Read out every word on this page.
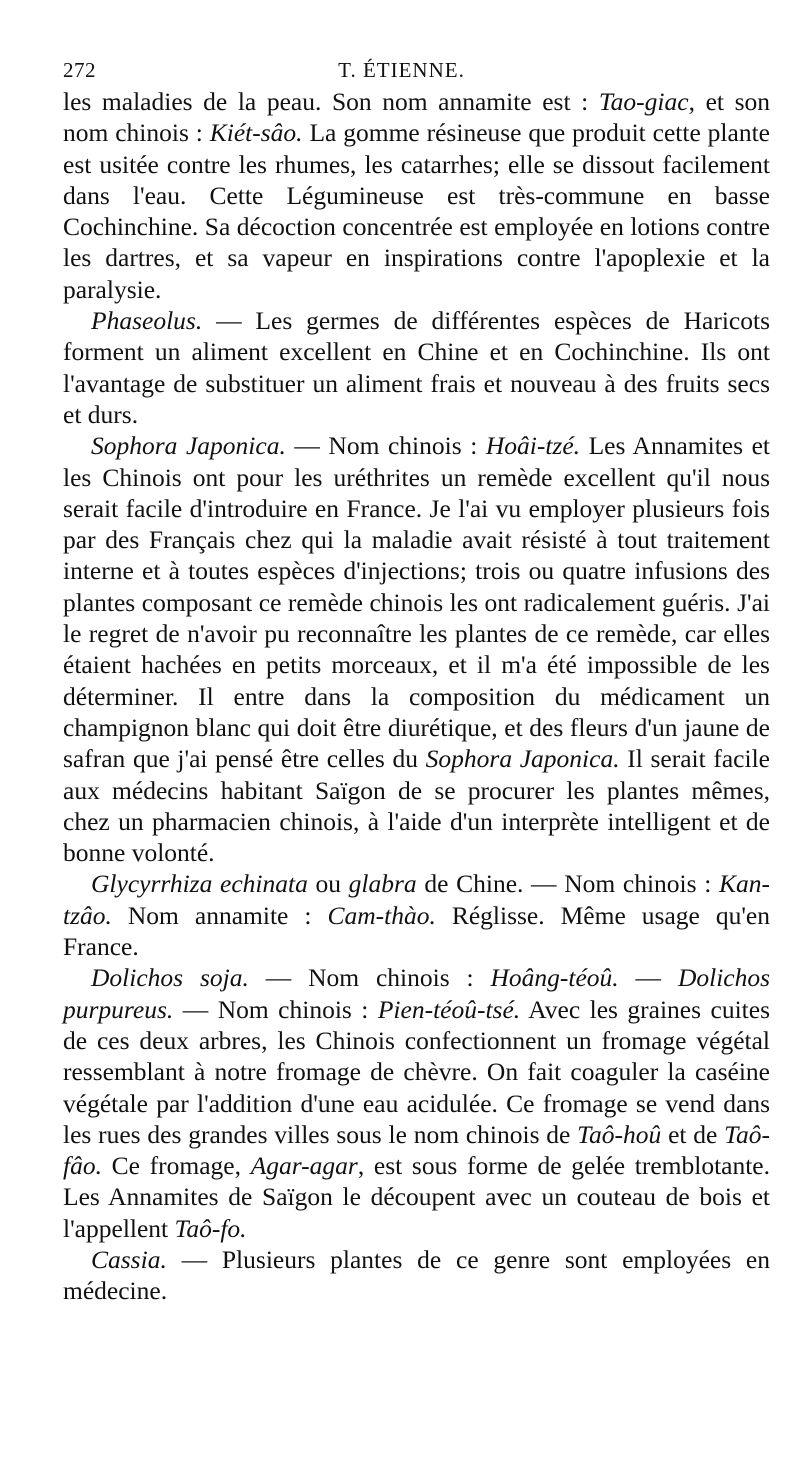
272	T. ÉTIENNE.

les maladies de la peau. Son nom annamite est : Tao-giac, et son nom chinois : Kiét-sâo. La gomme résineuse que produit cette plante est usitée contre les rhumes, les catarrhes; elle se dissout facilement dans l'eau. Cette Légumineuse est très-commune en basse Cochinchine. Sa décoction concentrée est employée en lotions contre les dartres, et sa vapeur en inspirations contre l'apoplexie et la paralysie.

Phaseolus. — Les germes de différentes espèces de Haricots forment un aliment excellent en Chine et en Cochinchine. Ils ont l'avantage de substituer un aliment frais et nouveau à des fruits secs et durs.

Sophora Japonica. — Nom chinois : Hoâi-tzé. Les Annamites et les Chinois ont pour les uréthrites un remède excellent qu'il nous serait facile d'introduire en France. Je l'ai vu employer plusieurs fois par des Français chez qui la maladie avait résisté à tout traitement interne et à toutes espèces d'injections; trois ou quatre infusions des plantes composant ce remède chinois les ont radicalement guéris. J'ai le regret de n'avoir pu reconnaître les plantes de ce remède, car elles étaient hachées en petits morceaux, et il m'a été impossible de les déterminer. Il entre dans la composition du médicament un champignon blanc qui doit être diurétique, et des fleurs d'un jaune de safran que j'ai pensé être celles du Sophora Japonica. Il serait facile aux médecins habitant Saïgon de se procurer les plantes mêmes, chez un pharmacien chinois, à l'aide d'un interprète intelligent et de bonne volonté.

Glycyrrhiza echinata ou glabra de Chine. — Nom chinois : Kan-tzâo. Nom annamite : Cam-thào. Réglisse. Même usage qu'en France.

Dolichos soja. — Nom chinois : Hoâng-téoû. — Dolichos purpureus. — Nom chinois : Pien-téoû-tsé. Avec les graines cuites de ces deux arbres, les Chinois confectionnent un fromage végétal ressemblant à notre fromage de chèvre. On fait coaguler la caséine végétale par l'addition d'une eau acidulée. Ce fromage se vend dans les rues des grandes villes sous le nom chinois de Taô-hoû et de Taô-fâo. Ce fromage, Agar-agar, est sous forme de gelée tremblotante. Les Annamites de Saïgon le découpent avec un couteau de bois et l'appellent Taô-fo.

Cassia. — Plusieurs plantes de ce genre sont employées en médecine.
